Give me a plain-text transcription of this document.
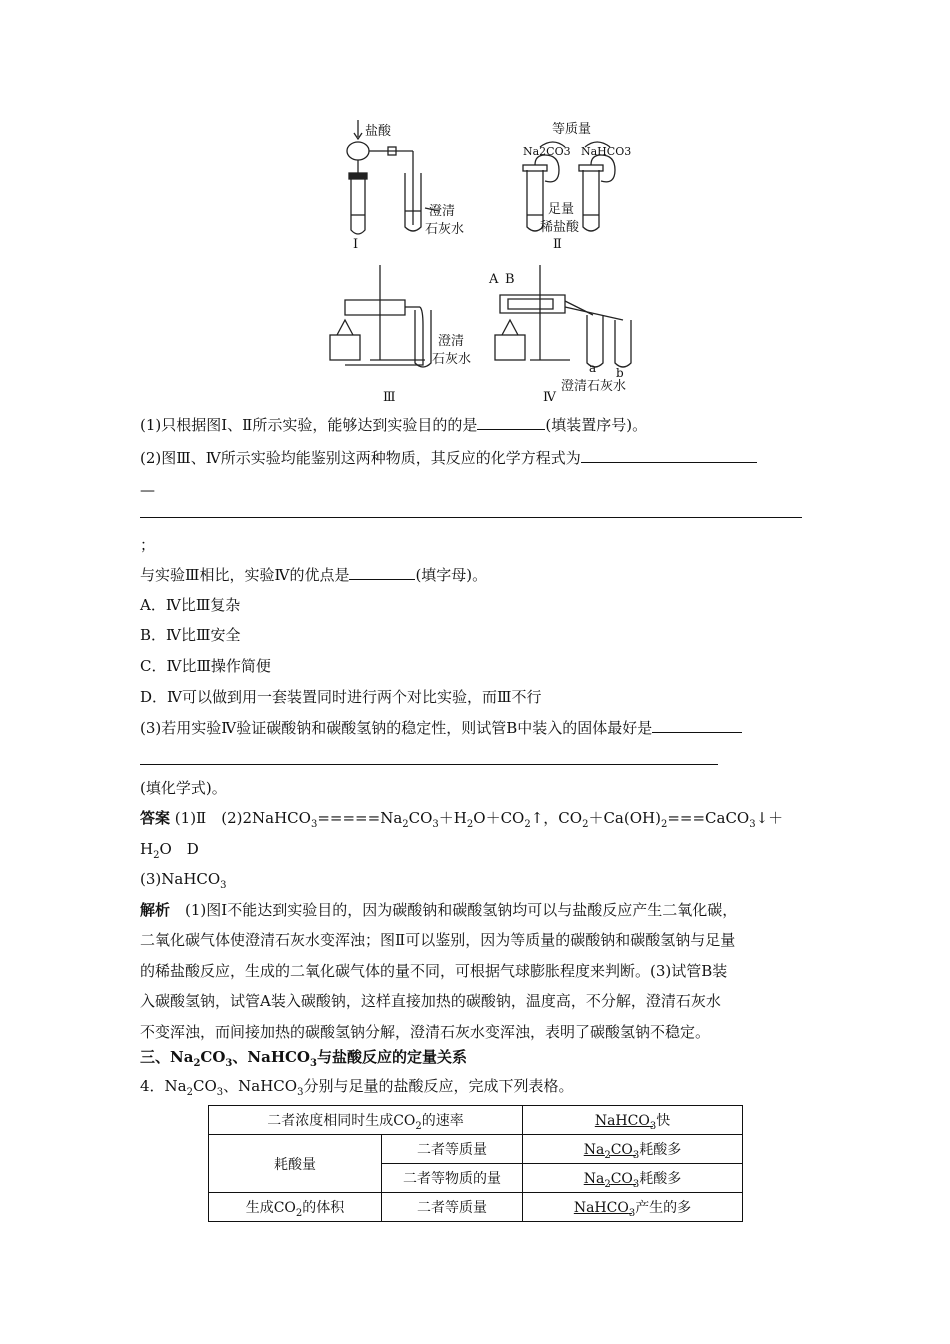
盐酸	等质量
Na2CO3 NaHCO3
澄清
石灰水
足量
稀盐酸
Ⅰ	Ⅱ
澄清
石灰水
A B
a b
澄清石灰水
Ⅲ	Ⅳ
(1)只根据图Ⅰ、Ⅱ所示实验，能够达到实验目的的是	(填装置序号)。
(2)图Ⅲ、Ⅳ所示实验均能鉴别这两种物质，其反应的化学方程式为
—
；
与实验Ⅲ相比，实验Ⅳ的优点是	(填字母)。
A．Ⅳ比Ⅲ复杂
B．Ⅳ比Ⅲ安全
C．Ⅳ比Ⅲ操作简便
D．Ⅳ可以做到用一套装置同时进行两个对比实验，而Ⅲ不行
(3)若用实验Ⅳ验证碳酸钠和碳酸氢钠的稳定性，则试管B中装入的固体最好是
(填化学式)。
答案 (1)Ⅱ　$(2)2NaHCO_3=====Na_2CO_3+H_2O+CO_2↑$，$CO_2+Ca(OH)_2===CaCO_3↓+$
$H_2O$　D
(3)NaHCO$_3$
解析　 (1)图Ⅰ不能达到实验目的，因为碳酸钠和碳酸氢钠均可以与盐酸反应产生二氧化碳，
二氧化碳气体使澄清石灰水变浑浊；图Ⅱ可以鉴别，因为等质量的碳酸钠和碳酸氢钠与足量
的稀盐酸反应，生成的二氧化碳气体的量不同，可根据气球膨胀程度来判断。(3)试管B装
入碳酸氢钠，试管A装入碳酸钠，这样直接加热的碳酸钠，温度高，不分解，澄清石灰水
不变浑浊，而间接加热的碳酸氢钠分解，澄清石灰水变浑浊，表明了碳酸氢钠不稳定。
三、$Na_2CO_3$、NaHCO$_3$与盐酸反应的定量关系
4．$Na_2CO_3$、NaHCO$_3$分别与足量的盐酸反应，完成下列表格。
二者浓度相同时生成$CO_2$的速率		NaHCO$_3$快
耗酸量	二者等质量	$Na_2CO_3$耗酸多
	二者等物质的量	$Na_2CO_3$耗酸多
生成$CO_2$的体积	二者等质量	NaHCO$_3$产生的多
